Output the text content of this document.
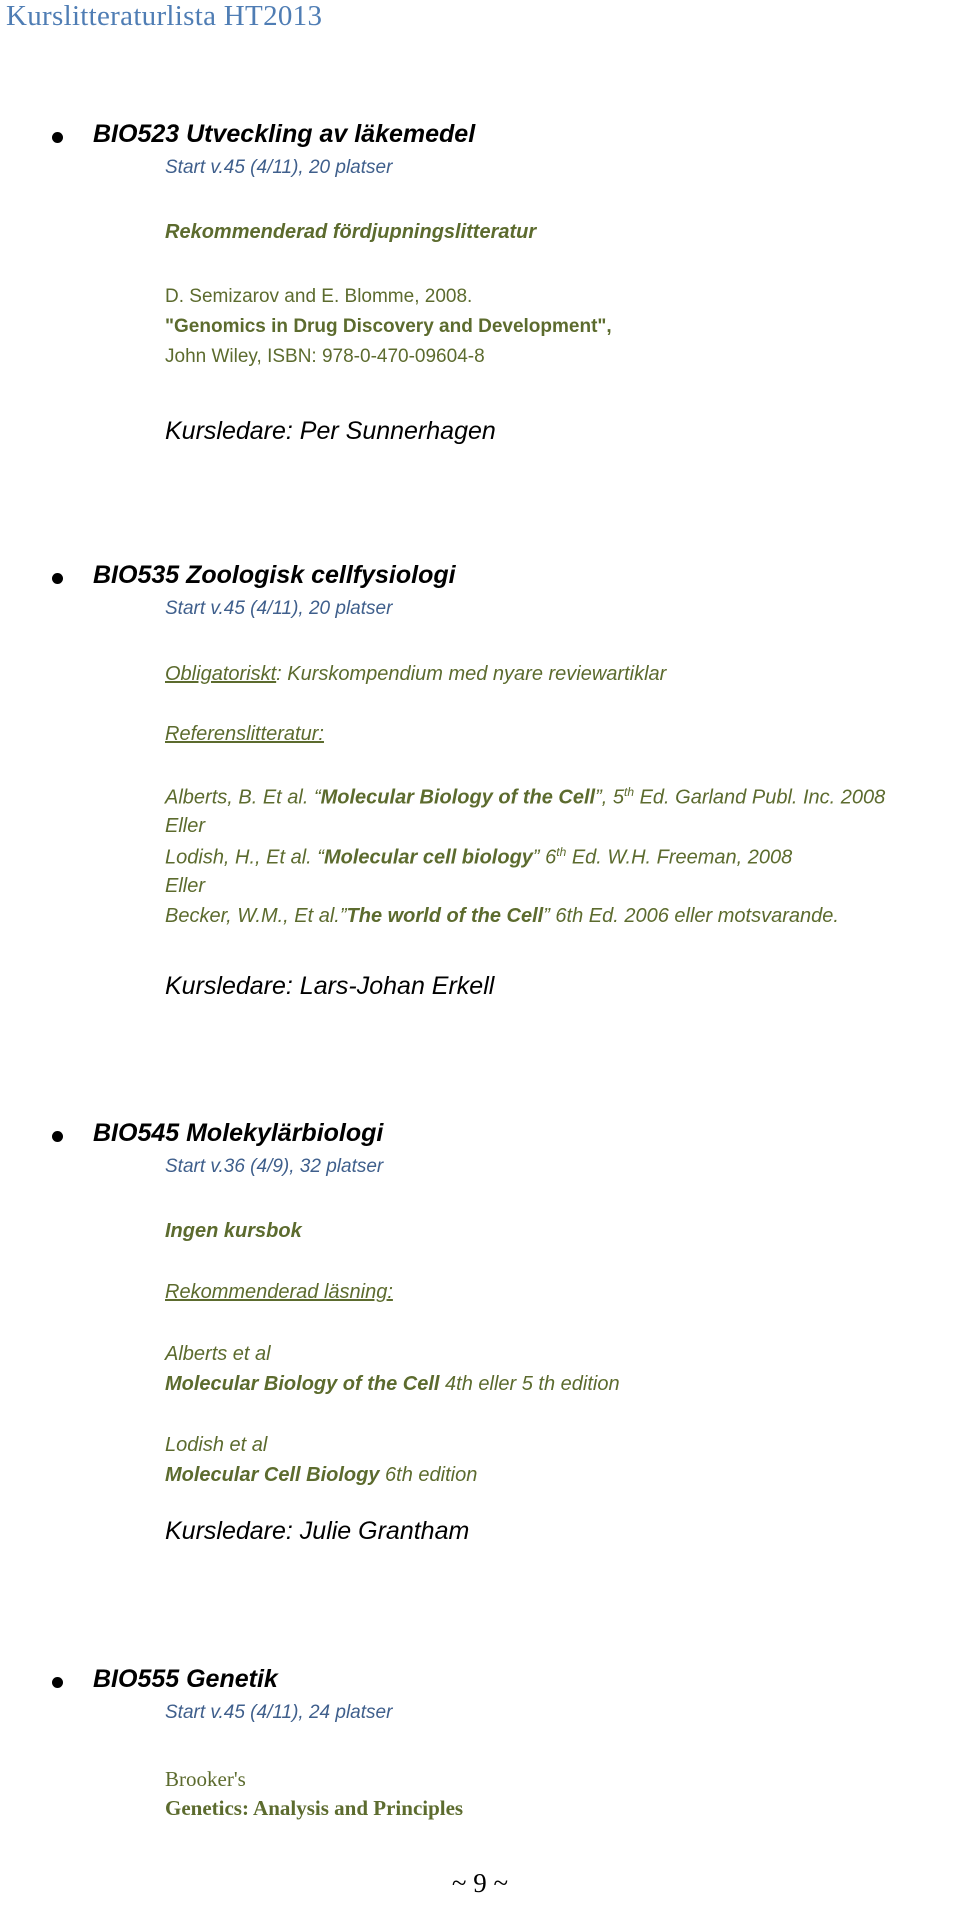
Kurslitteraturlista HT2013
BIO523 Utveckling av läkemedel
Start v.45 (4/11), 20 platser
Rekommenderad fördjupningslitteratur
D. Semizarov and E. Blomme, 2008.
"Genomics in Drug Discovery and Development",
John Wiley, ISBN: 978-0-470-09604-8
Kursledare: Per Sunnerhagen
BIO535 Zoologisk cellfysiologi
Start v.45 (4/11), 20 platser
Obligatoriskt: Kurskompendium med nyare reviewartiklar
Referenslitteratur:
Alberts, B. Et al. “Molecular Biology of the Cell”, 5th Ed. Garland Publ. Inc. 2008
Eller
Lodish, H., Et al. “Molecular cell biology” 6th Ed. W.H. Freeman, 2008
Eller
Becker, W.M., Et al.”The world of the Cell” 6th Ed. 2006 eller motsvarande.
Kursledare: Lars-Johan Erkell
BIO545 Molekylärbiologi
Start v.36 (4/9), 32 platser
Ingen kursbok
Rekommenderad läsning:
Alberts et al
Molecular Biology of the Cell 4th eller 5 th edition
Lodish et al
Molecular Cell Biology 6th edition
Kursledare: Julie Grantham
BIO555 Genetik
Start v.45 (4/11), 24 platser
Brooker's
Genetics: Analysis and Principles
~ 9 ~
